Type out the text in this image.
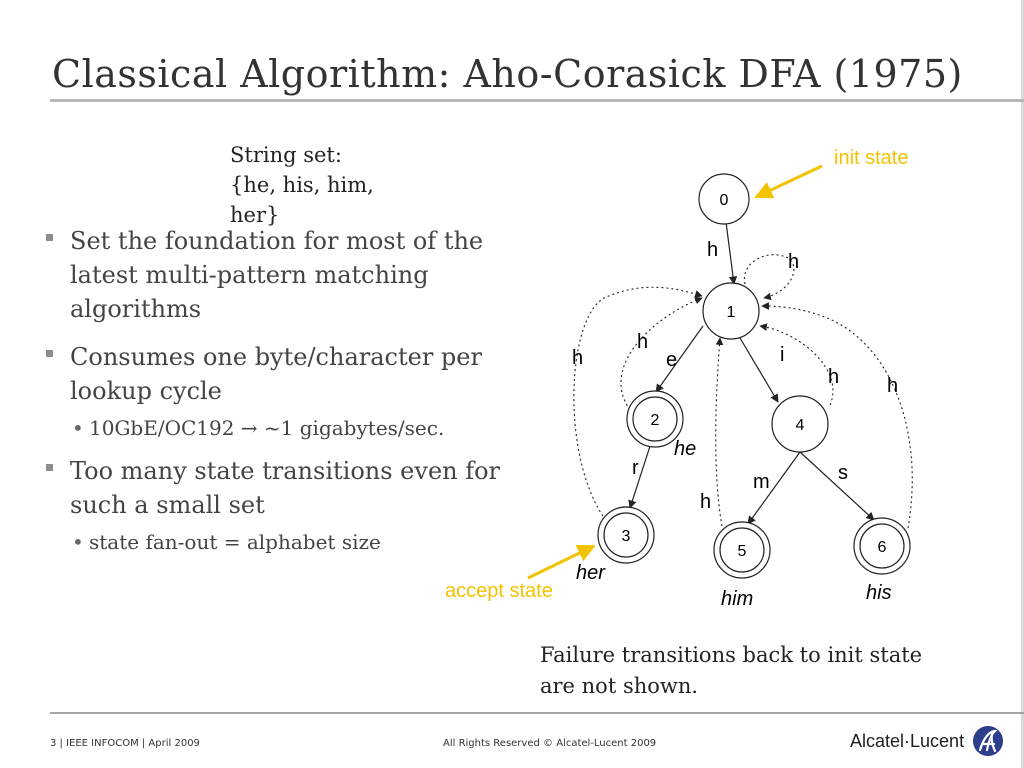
Classical Algorithm: Aho-Corasick DFA (1975)
String set:
{he, his, him,
her}
Set the foundation for most of the latest multi-pattern matching algorithms
Consumes one byte/character per lookup cycle
• 10GbE/OC192 → ~1 gigabytes/sec.
Too many state transitions even for such a small set
• state fan-out = alphabet size
0
1
2
3
4
5	6
h
h
h
e
h	i
h h
r
m	s
h
he
her
him	his
init state
accept state
Failure transitions back to init state
are not shown.
3 | IEEE INFOCOM | April 2009	All Rights Reserved © Alcatel-Lucent 2009	Alcatel·Lucent
